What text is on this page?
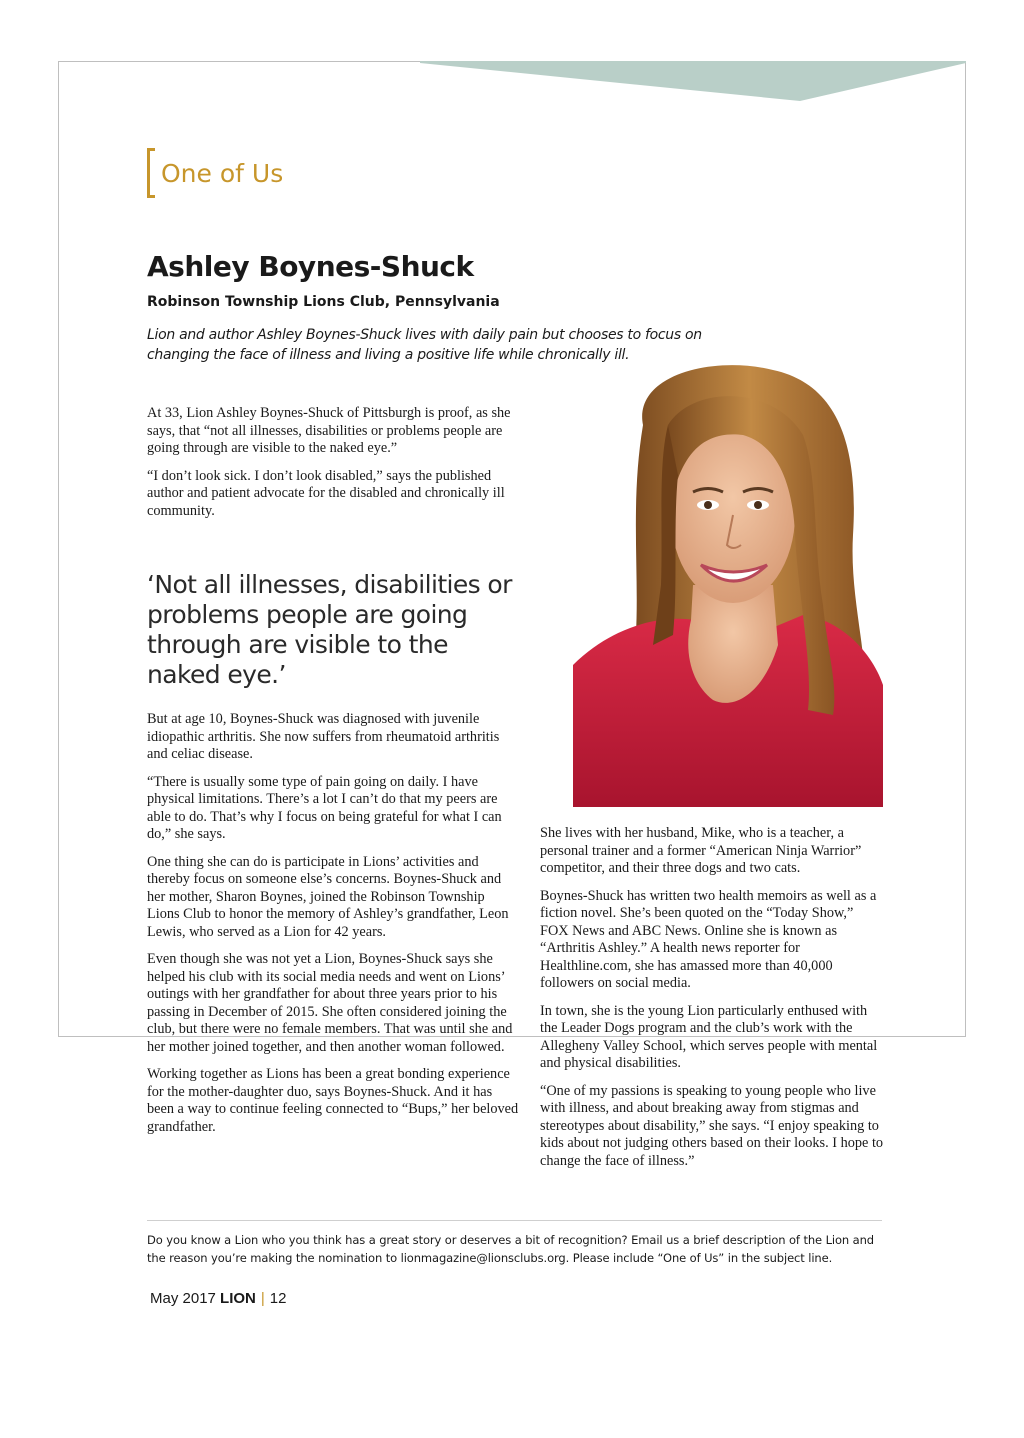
One of Us
Ashley Boynes-Shuck
Robinson Township Lions Club, Pennsylvania

Lion and author Ashley Boynes-Shuck lives with daily pain but chooses to focus on changing the face of illness and living a positive life while chronically ill.

At 33, Lion Ashley Boynes-Shuck of Pittsburgh is proof, as she says, that “not all illnesses, disabilities or problems people are going through are visible to the naked eye.”

“I don’t look sick. I don’t look disabled,” says the published author and patient advocate for the disabled and chronically ill community.

‘Not all illnesses, disabilities or problems people are going through are visible to the naked eye.’

But at age 10, Boynes-Shuck was diagnosed with juvenile idiopathic arthritis. She now suffers from rheumatoid arthritis and celiac disease.

“There is usually some type of pain going on daily. I have physical limitations. There’s a lot I can’t do that my peers are able to do. That’s why I focus on being grateful for what I can do,” she says.

One thing she can do is participate in Lions’ activities and thereby focus on someone else’s concerns. Boynes-Shuck and her mother, Sharon Boynes, joined the Robinson Township Lions Club to honor the memory of Ashley’s grandfather, Leon Lewis, who served as a Lion for 42 years.

Even though she was not yet a Lion, Boynes-Shuck says she helped his club with its social media needs and went on Lions’ outings with her grandfather for about three years prior to his passing in December of 2015. She often considered joining the club, but there were no female members. That was until she and her mother joined together, and then another woman followed.

Working together as Lions has been a great bonding experience for the mother-daughter duo, says Boynes-Shuck. And it has been a way to continue feeling connected to “Bups,” her beloved grandfather.

She lives with her husband, Mike, who is a teacher, a personal trainer and a former “American Ninja Warrior” competitor, and their three dogs and two cats.

Boynes-Shuck has written two health memoirs as well as a fiction novel. She’s been quoted on the “Today Show,” FOX News and ABC News. Online she is known as “Arthritis Ashley.” A health news reporter for Healthline.com, she has amassed more than 40,000 followers on social media.

In town, she is the young Lion particularly enthused with the Leader Dogs program and the club’s work with the Allegheny Valley School, which serves people with mental and physical disabilities.

“One of my passions is speaking to young people who live with illness, and about breaking away from stigmas and stereotypes about disability,” she says. “I enjoy speaking to kids about not judging others based on their looks. I hope to change the face of illness.”

Do you know a Lion who you think has a great story or deserves a bit of recognition? Email us a brief description of the Lion and the reason you’re making the nomination to lionmagazine@lionsclubs.org. Please include “One of Us” in the subject line.

May 2017 LION | 12
